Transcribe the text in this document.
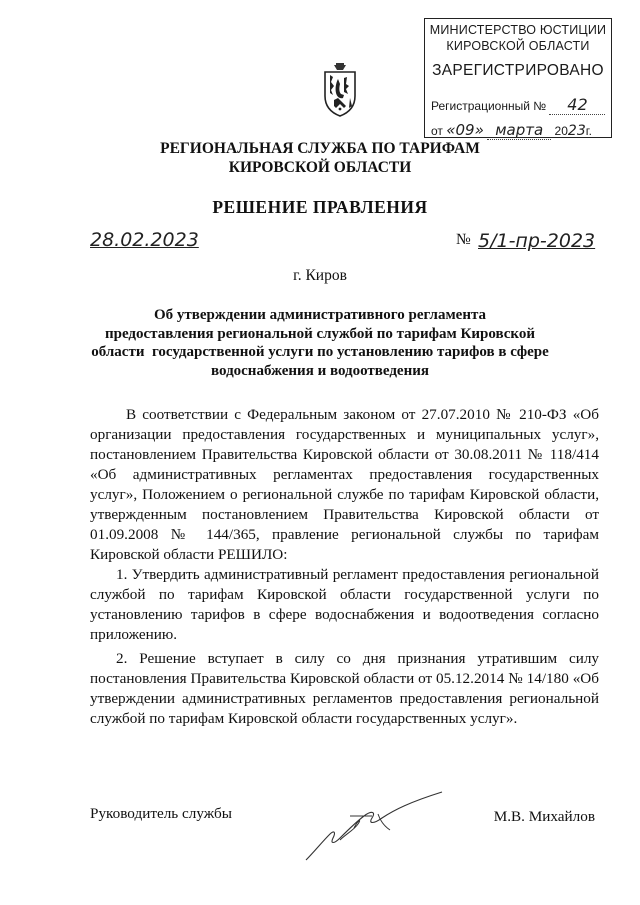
МИНИСТЕРСТВО ЮСТИЦИИ
КИРОВСКОЙ ОБЛАСТИ
ЗАРЕГИСТРИРОВАНО
Регистрационный № 42
от «09» марта 2023г.
РЕГИОНАЛЬНАЯ СЛУЖБА ПО ТАРИФАМ
КИРОВСКОЙ ОБЛАСТИ
РЕШЕНИЕ ПРАВЛЕНИЯ
28.02.2023	№ 5/1-пр-2023
г. Киров
Об утверждении административного регламента
предоставления региональной службой по тарифам Кировской
области  государственной услуги по установлению тарифов в сфере
водоснабжения и водоотведения

В соответствии с Федеральным законом от 27.07.2010 № 210-ФЗ «Об организации предоставления государственных и муниципальных услуг», постановлением Правительства Кировской области от 30.08.2011 № 118/414 «Об административных регламентах предоставления государственных услуг», Положением о региональной службе по тарифам Кировской области, утвержденным постановлением Правительства Кировской области от 01.09.2008 № 144/365, правление региональной службы по тарифам Кировской области РЕШИЛО:

1. Утвердить административный регламент предоставления региональной службой по тарифам Кировской области государственной услуги по установлению тарифов в сфере водоснабжения и водоотведения согласно приложению.

2. Решение вступает в силу со дня признания утратившим силу постановления Правительства Кировской области от 05.12.2014 № 14/180 «Об утверждении административных регламентов предоставления региональной службой по тарифам Кировской области государственных услуг».

Руководитель службы	М.В. Михайлов
